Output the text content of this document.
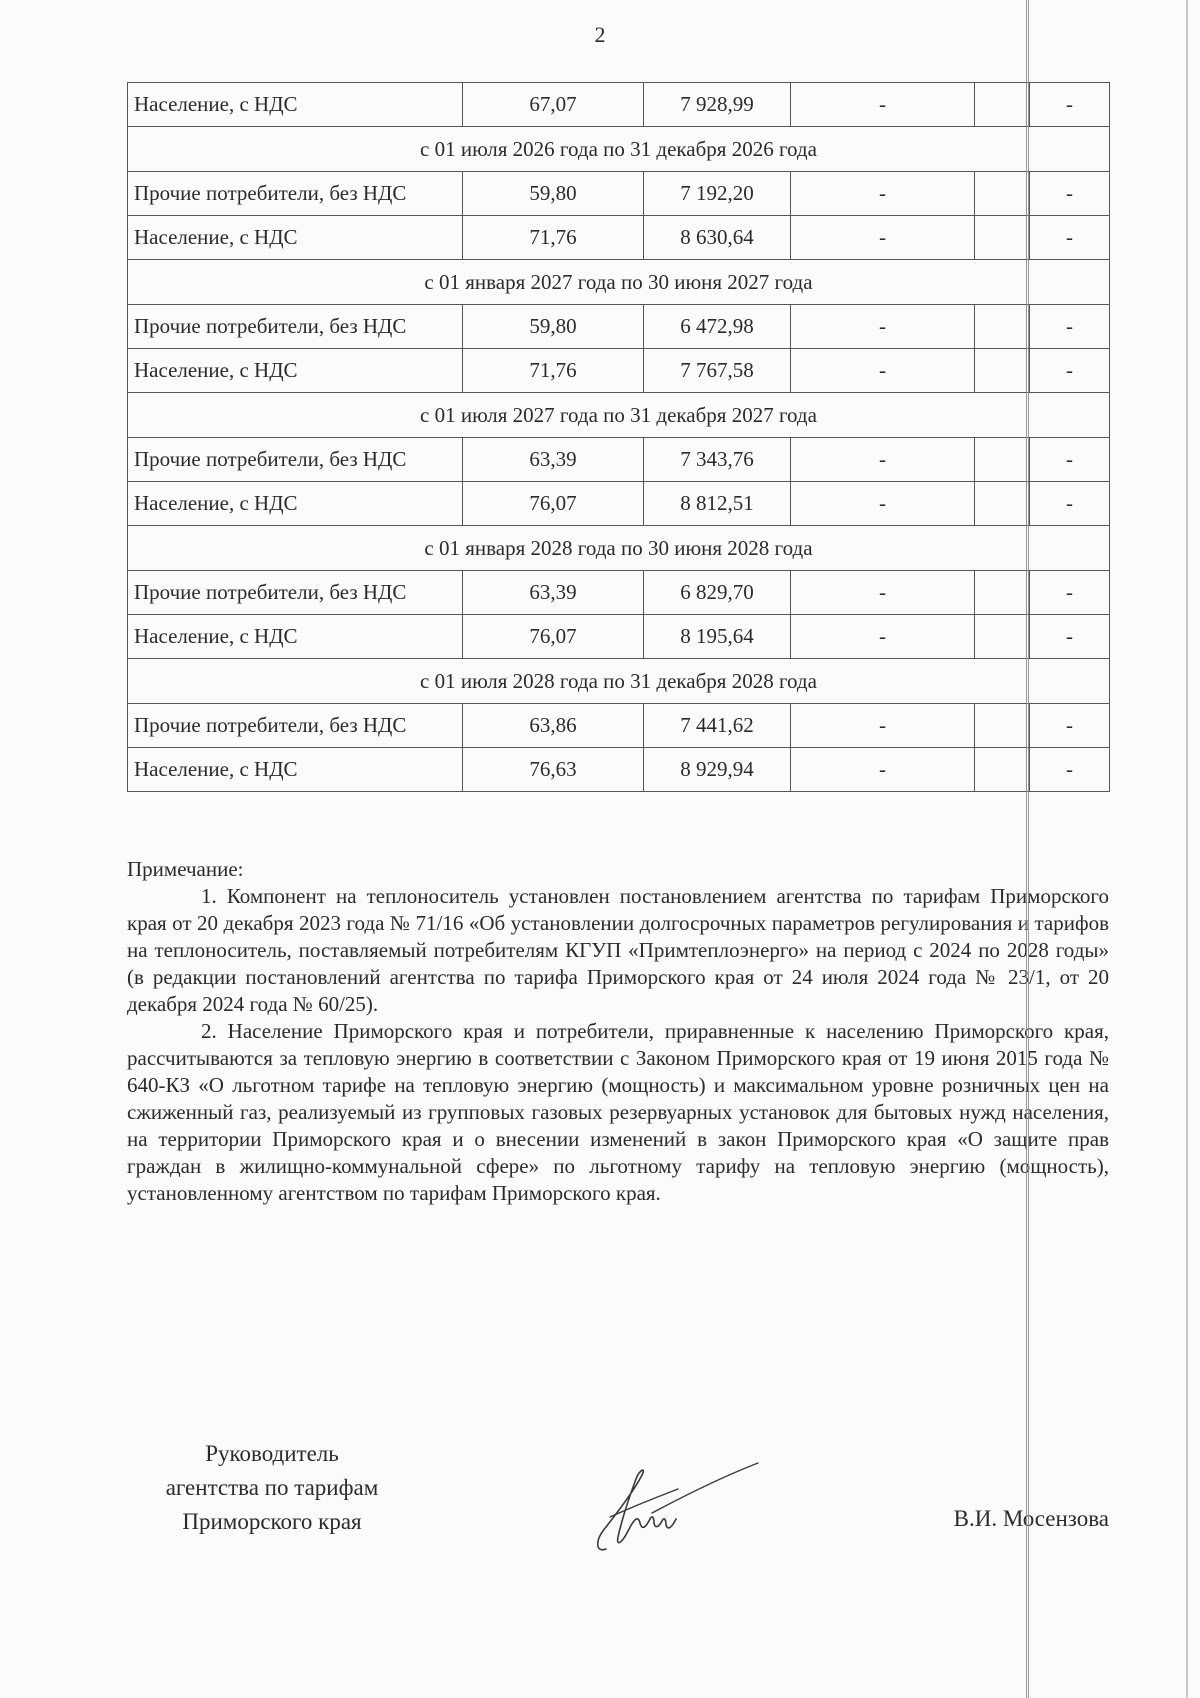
2
Население, с НДС	67,07	7 928,99	-		-
с 01 июля 2026 года по 31 декабря 2026 года					
Прочие потребители, без НДС	59,80	7 192,20	-		-
Население, с НДС	71,76	8 630,64	-		-
с 01 января 2027 года по 30 июня 2027 года					
Прочие потребители, без НДС	59,80	6 472,98	-		-
Население, с НДС	71,76	7 767,58	-		-
с 01 июля 2027 года по 31 декабря 2027 года					
Прочие потребители, без НДС	63,39	7 343,76	-		-
Население, с НДС	76,07	8 812,51	-		-
с 01 января 2028 года по 30 июня 2028 года					
Прочие потребители, без НДС	63,39	6 829,70	-		-
Население, с НДС	76,07	8 195,64	-		-
с 01 июля 2028 года по 31 декабря 2028 года					
Прочие потребители, без НДС	63,86	7 441,62	-		-
Население, с НДС	76,63	8 929,94	-		-

Примечание:

1. Компонент на теплоноситель установлен постановлением агентства по тарифам Приморского края от 20 декабря 2023 года № 71/16 «Об установлении долгосрочных параметров регулирования и тарифов на теплоноситель, поставляемый потребителям КГУП «Примтеплоэнерго» на период с 2024 по 2028 годы» (в редакции постановлений агентства по тарифа Приморского края от 24 июля 2024 года № 23/1, от 20 декабря 2024 года № 60/25).

2. Население Приморского края и потребители, приравненные к населению Приморского края, рассчитываются за тепловую энергию в соответствии с Законом Приморского края от 19 июня 2015 года № 640-КЗ «О льготном тарифе на тепловую энергию (мощность) и максимальном уровне розничных цен на сжиженный газ, реализуемый из групповых газовых резервуарных установок для бытовых нужд населения, на территории Приморского края и о внесении изменений в закон Приморского края «О защите прав граждан в жилищно-коммунальной сфере» по льготному тарифу на тепловую энергию (мощность), установленному агентством по тарифам Приморского края.

Руководитель
агентства по тарифам
Приморского края	В.И. Мосензова
